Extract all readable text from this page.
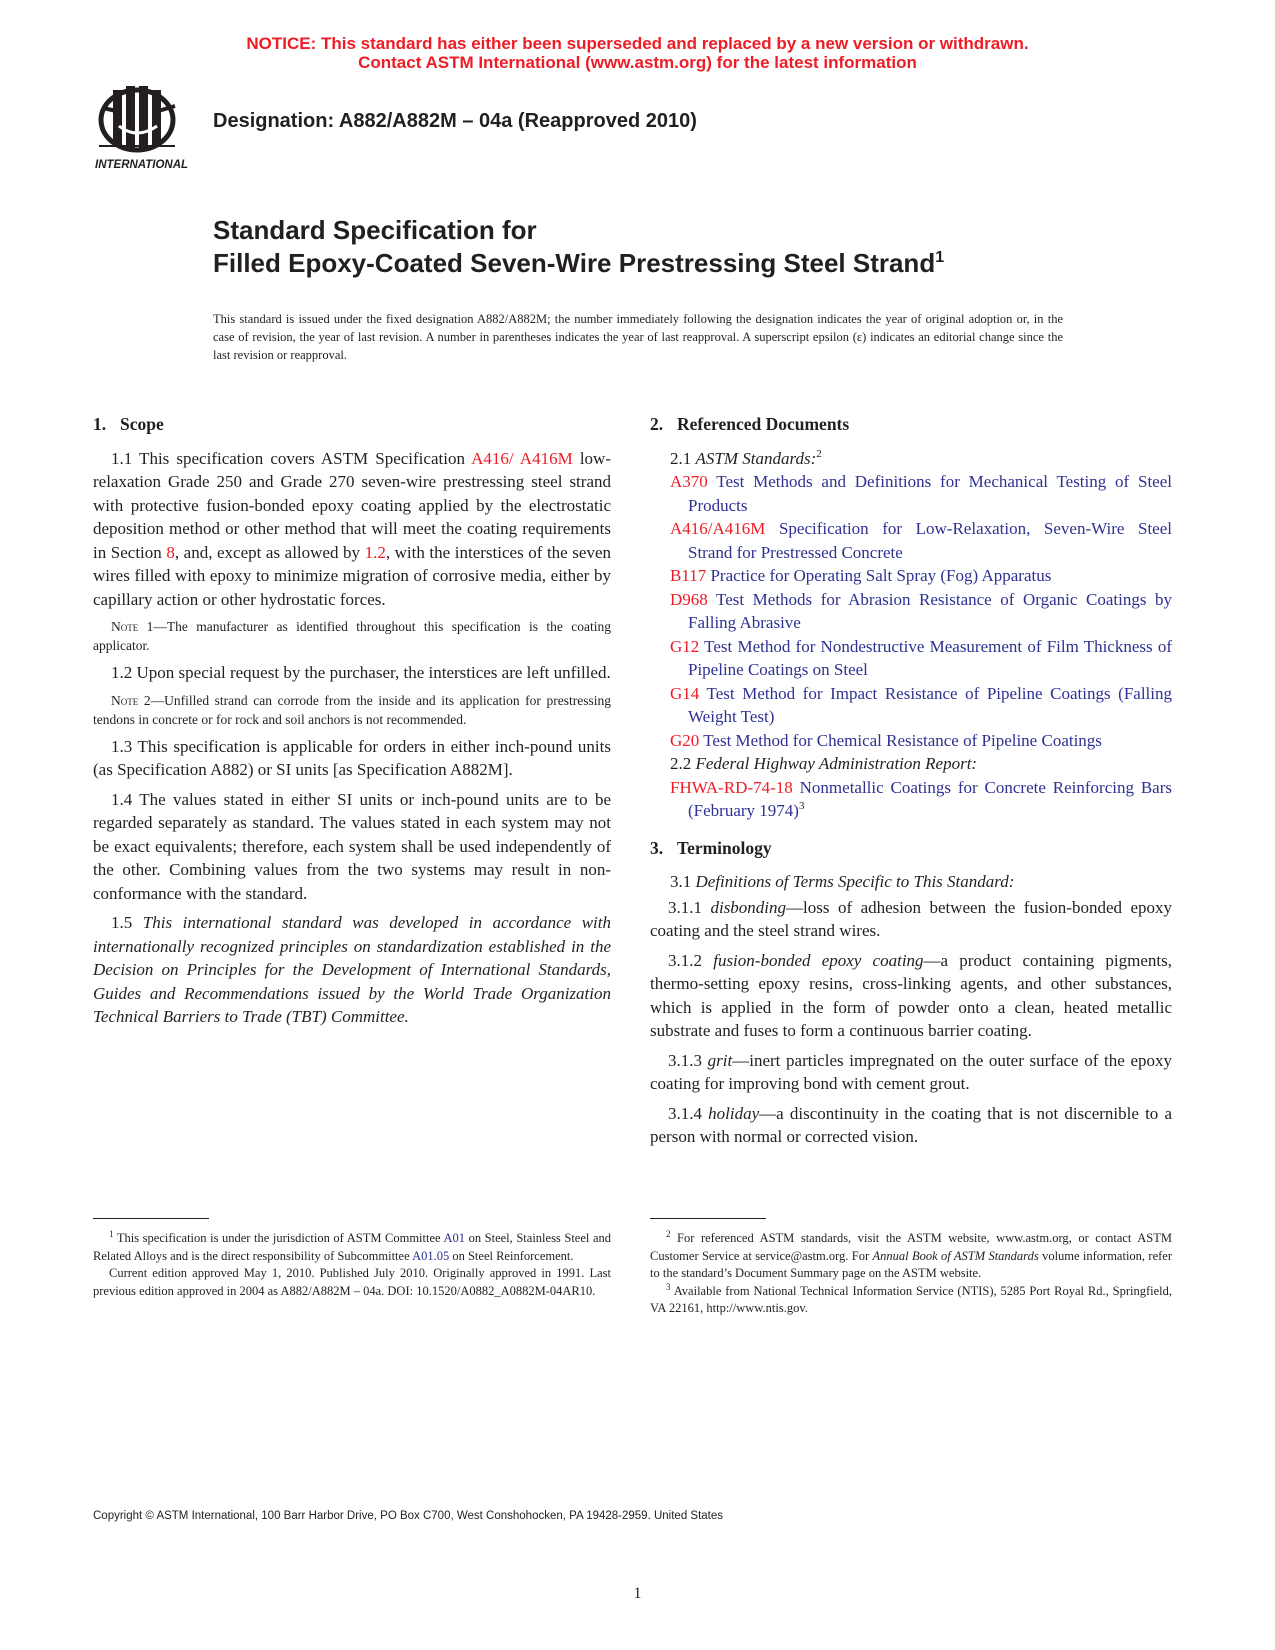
NOTICE: This standard has either been superseded and replaced by a new version or withdrawn.
Contact ASTM International (www.astm.org) for the latest information
INTERNATIONAL
Designation: A882/A882M – 04a (Reapproved 2010)
Standard Specification for
Filled Epoxy-Coated Seven-Wire Prestressing Steel Strand$^1$
This standard is issued under the fixed designation A882/A882M; the number immediately following the designation indicates the year of original adoption or, in the case of revision, the year of last revision. A number in parentheses indicates the year of last reapproval. A superscript epsilon (ε) indicates an editorial change since the last revision or reapproval.
1. Scope

1.1 This specification covers ASTM Specification A416/ A416M low-relaxation Grade 250 and Grade 270 seven-wire prestressing steel strand with protective fusion-bonded epoxy coating applied by the electrostatic deposition method or other method that will meet the coating requirements in Section 8, and, except as allowed by 1.2, with the interstices of the seven wires filled with epoxy to minimize migration of corrosive media, either by capillary action or other hydrostatic forces.

Note 1—The manufacturer as identified throughout this specification is the coating applicator.

1.2 Upon special request by the purchaser, the interstices are left unfilled.

Note 2—Unfilled strand can corrode from the inside and its application for prestressing tendons in concrete or for rock and soil anchors is not recommended.

1.3 This specification is applicable for orders in either inch-pound units (as Specification A882) or SI units [as Specification A882M].

1.4 The values stated in either SI units or inch-pound units are to be regarded separately as standard. The values stated in each system may not be exact equivalents; therefore, each system shall be used independently of the other. Combining values from the two systems may result in non-conformance with the standard.

1.5 This international standard was developed in accordance with internationally recognized principles on standardization established in the Decision on Principles for the Development of International Standards, Guides and Recommendations issued by the World Trade Organization Technical Barriers to Trade (TBT) Committee.

2. Referenced Documents

2.1 ASTM Standards:$^2$

A370 Test Methods and Definitions for Mechanical Testing of Steel Products

A416/A416M Specification for Low-Relaxation, Seven-Wire Steel Strand for Prestressed Concrete

B117 Practice for Operating Salt Spray (Fog) Apparatus

D968 Test Methods for Abrasion Resistance of Organic Coatings by Falling Abrasive

G12 Test Method for Nondestructive Measurement of Film Thickness of Pipeline Coatings on Steel

G14 Test Method for Impact Resistance of Pipeline Coatings (Falling Weight Test)

G20 Test Method for Chemical Resistance of Pipeline Coatings

2.2 Federal Highway Administration Report:

FHWA-RD-74-18 Nonmetallic Coatings for Concrete Reinforcing Bars (February 1974)$^3$

3. Terminology

3.1 Definitions of Terms Specific to This Standard:

3.1.1 disbonding—loss of adhesion between the fusion-bonded epoxy coating and the steel strand wires.

3.1.2 fusion-bonded epoxy coating—a product containing pigments, thermo-setting epoxy resins, cross-linking agents, and other substances, which is applied in the form of powder onto a clean, heated metallic substrate and fuses to form a continuous barrier coating.

3.1.3 grit—inert particles impregnated on the outer surface of the epoxy coating for improving bond with cement grout.

3.1.4 holiday—a discontinuity in the coating that is not discernible to a person with normal or corrected vision.

$^1$ This specification is under the jurisdiction of ASTM Committee A01 on Steel, Stainless Steel and Related Alloys and is the direct responsibility of Subcommittee A01.05 on Steel Reinforcement.

Current edition approved May 1, 2010. Published July 2010. Originally approved in 1991. Last previous edition approved in 2004 as A882/A882M – 04a. DOI: 10.1520/A0882_A0882M-04AR10.

$^2$ For referenced ASTM standards, visit the ASTM website, www.astm.org, or contact ASTM Customer Service at service@astm.org. For Annual Book of ASTM Standards volume information, refer to the standard’s Document Summary page on the ASTM website.

$^3$ Available from National Technical Information Service (NTIS), 5285 Port Royal Rd., Springfield, VA 22161, http://www.ntis.gov.

Copyright © ASTM International, 100 Barr Harbor Drive, PO Box C700, West Conshohocken, PA 19428-2959. United States
1
